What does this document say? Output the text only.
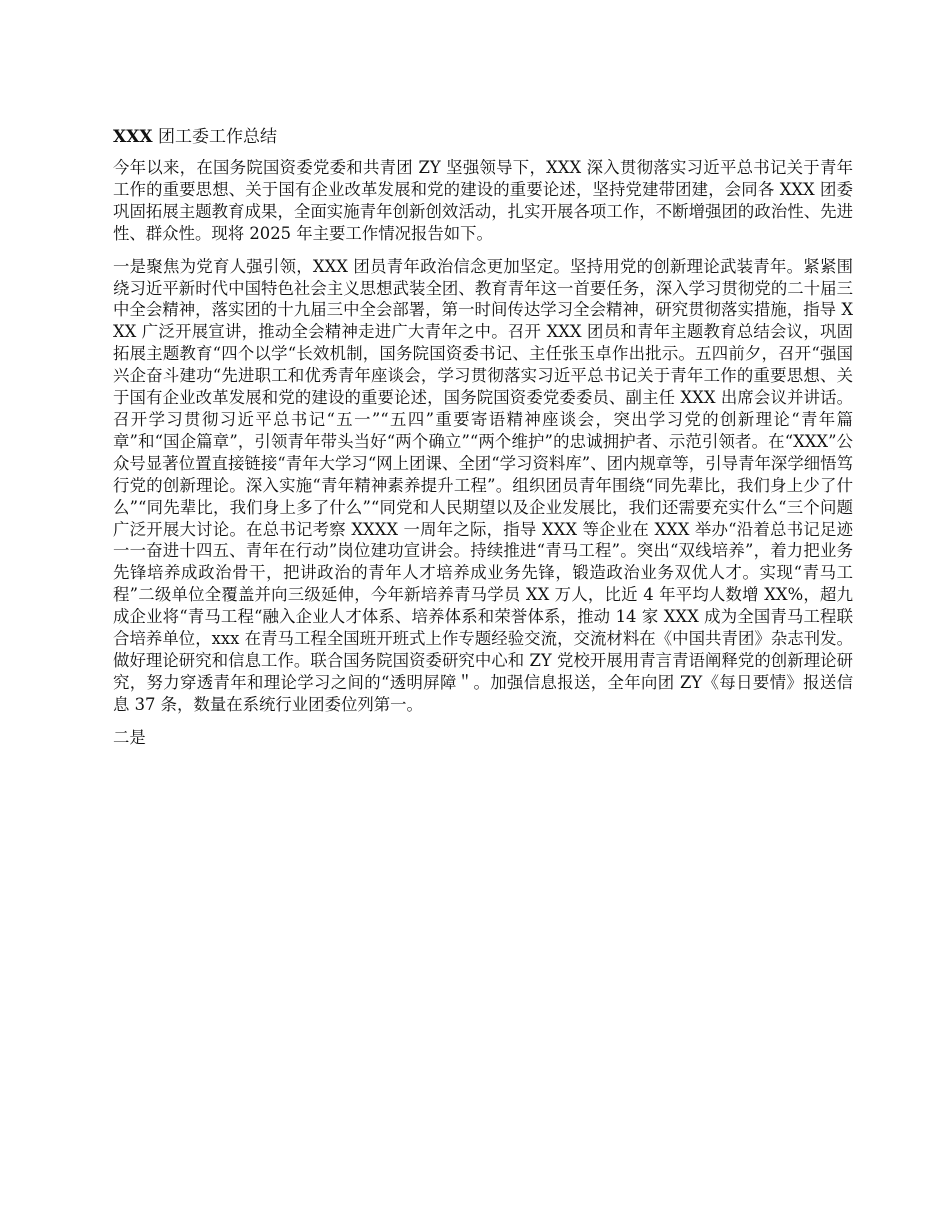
XXX 团工委工作总结

今年以来，在国务院国资委党委和共青团 ZY 坚强领导下，XXX 深入贯彻落实习近平总书记关于青年工作的重要思想、关于国有企业改革发展和党的建设的重要论述，坚持党建带团建，会同各 XXX 团委巩固拓展主题教育成果，全面实施青年创新创效活动，扎实开展各项工作，不断增强团的政治性、先进性、群众性。现将 2025 年主要工作情况报告如下。

一是聚焦为党育人强引领，XXX 团员青年政治信念更加坚定。坚持用党的创新理论武装青年。紧紧围绕习近平新时代中国特色社会主义思想武装全团、教育青年这一首要任务，深入学习贯彻党的二十届三中全会精神，落实团的十九届三中全会部署，第一时间传达学习全会精神，研究贯彻落实措施，指导 XXX 广泛开展宣讲，推动全会精神走进广大青年之中。召开 XXX 团员和青年主题教育总结会议，巩固拓展主题教育“四个以学“长效机制，国务院国资委书记、主任张玉卓作出批示。五四前夕，召开“强国兴企奋斗建功“先进职工和优秀青年座谈会，学习贯彻落实习近平总书记关于青年工作的重要思想、关于国有企业改革发展和党的建设的重要论述，国务院国资委党委委员、副主任 XXX 出席会议并讲话。召开学习贯彻习近平总书记“五一”“五四”重要寄语精神座谈会，突出学习党的创新理论“青年篇章”和“国企篇章”，引领青年带头当好“两个确立”“两个维护”的忠诚拥护者、示范引领者。在“XXX”公众号显著位置直接链接“青年大学习“网上团课、全团“学习资料库”、团内规章等，引导青年深学细悟笃行党的创新理论。深入实施“青年精神素养提升工程”。组织团员青年围绕“同先辈比，我们身上少了什么”“同先辈比，我们身上多了什么”“同党和人民期望以及企业发展比，我们还需要充实什么“三个问题广泛开展大讨论。在总书记考察 XXXX 一周年之际，指导 XXX 等企业在 XXX 举办“沿着总书记足迹一一奋进十四五、青年在行动”岗位建功宣讲会。持续推进“青马工程”。突出“双线培养”，着力把业务先锋培养成政治骨干，把讲政治的青年人才培养成业务先锋，锻造政治业务双优人才。实现“青马工程”二级单位全覆盖并向三级延伸，今年新培养青马学员 XX 万人，比近 4 年平均人数增 XX%，超九成企业将“青马工程“融入企业人才体系、培养体系和荣誉体系，推动 14 家 XXX 成为全国青马工程联合培养单位，xxx 在青马工程全国班开班式上作专题经验交流，交流材料在《中国共青团》杂志刊发。做好理论研究和信息工作。联合国务院国资委研究中心和 ZY 党校开展用青言青语阐释党的创新理论研究，努力穿透青年和理论学习之间的“透明屏障＂。加强信息报送，全年向团 ZY《每日要情》报送信息 37 条，数量在系统行业团委位列第一。

二是
